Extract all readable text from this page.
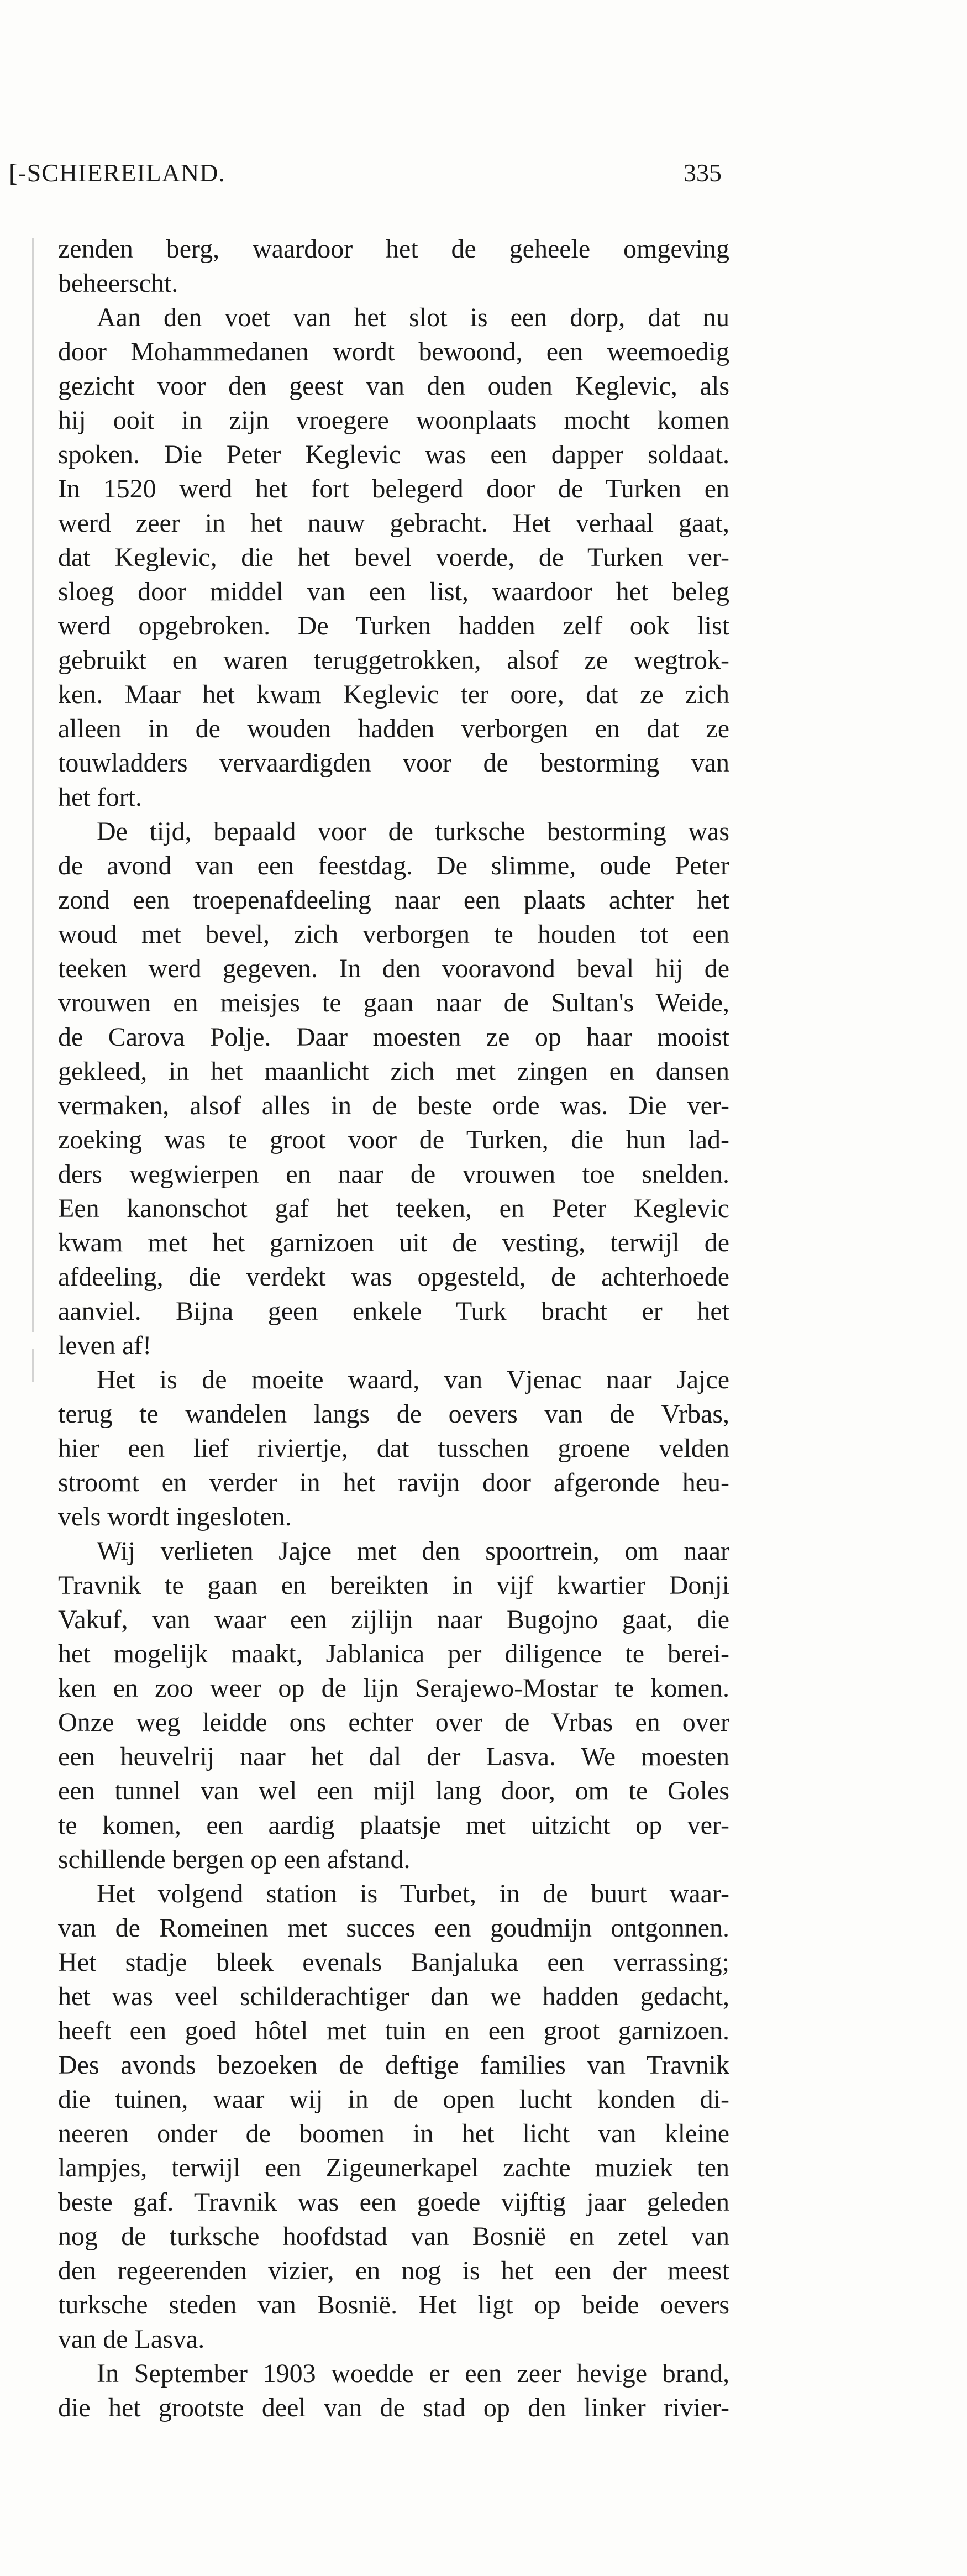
[-SCHIEREILAND.	335
zenden berg, waardoor het de geheele omgeving
beheerscht.
Aan den voet van het slot is een dorp, dat nu
door Mohammedanen wordt bewoond, een weemoedig
gezicht voor den geest van den ouden Keglevic, als
hij ooit in zijn vroegere woonplaats mocht komen
spoken. Die Peter Keglevic was een dapper soldaat.
In 1520 werd het fort belegerd door de Turken en
werd zeer in het nauw gebracht. Het verhaal gaat,
dat Keglevic, die het bevel voerde, de Turken ver-
sloeg door middel van een list, waardoor het beleg
werd opgebroken. De Turken hadden zelf ook list
gebruikt en waren teruggetrokken, alsof ze wegtrok-
ken. Maar het kwam Keglevic ter oore, dat ze zich
alleen in de wouden hadden verborgen en dat ze
touwladders vervaardigden voor de bestorming van
het fort.
De tijd, bepaald voor de turksche bestorming was
de avond van een feestdag. De slimme, oude Peter
zond een troepenafdeeling naar een plaats achter het
woud met bevel, zich verborgen te houden tot een
teeken werd gegeven. In den vooravond beval hij de
vrouwen en meisjes te gaan naar de Sultan's Weide,
de Carova Polje. Daar moesten ze op haar mooist
gekleed, in het maanlicht zich met zingen en dansen
vermaken, alsof alles in de beste orde was. Die ver-
zoeking was te groot voor de Turken, die hun lad-
ders wegwierpen en naar de vrouwen toe snelden.
Een kanonschot gaf het teeken, en Peter Keglevic
kwam met het garnizoen uit de vesting, terwijl de
afdeeling, die verdekt was opgesteld, de achterhoede
aanviel. Bijna geen enkele Turk bracht er het
leven af!
Het is de moeite waard, van Vjenac naar Jajce
terug te wandelen langs de oevers van de Vrbas,
hier een lief riviertje, dat tusschen groene velden
stroomt en verder in het ravijn door afgeronde heu-
vels wordt ingesloten.
Wij verlieten Jajce met den spoortrein, om naar
Travnik te gaan en bereikten in vijf kwartier Donji
Vakuf, van waar een zijlijn naar Bugojno gaat, die
het mogelijk maakt, Jablanica per diligence te berei-
ken en zoo weer op de lijn Serajewo-Mostar te komen.
Onze weg leidde ons echter over de Vrbas en over
een heuvelrij naar het dal der Lasva. We moesten
een tunnel van wel een mijl lang door, om te Goles
te komen, een aardig plaatsje met uitzicht op ver-
schillende bergen op een afstand.
Het volgend station is Turbet, in de buurt waar-
van de Romeinen met succes een goudmijn ontgonnen.
Het stadje bleek evenals Banjaluka een verrassing;
het was veel schilderachtiger dan we hadden gedacht,
heeft een goed hôtel met tuin en een groot garnizoen.
Des avonds bezoeken de deftige families van Travnik
die tuinen, waar wij in de open lucht konden di-
neeren onder de boomen in het licht van kleine
lampjes, terwijl een Zigeunerkapel zachte muziek ten
beste gaf. Travnik was een goede vijftig jaar geleden
nog de turksche hoofdstad van Bosnië en zetel van
den regeerenden vizier, en nog is het een der meest
turksche steden van Bosnië. Het ligt op beide oevers
van de Lasva.
In September 1903 woedde er een zeer hevige brand,
die het grootste deel van de stad op den linker rivier-
